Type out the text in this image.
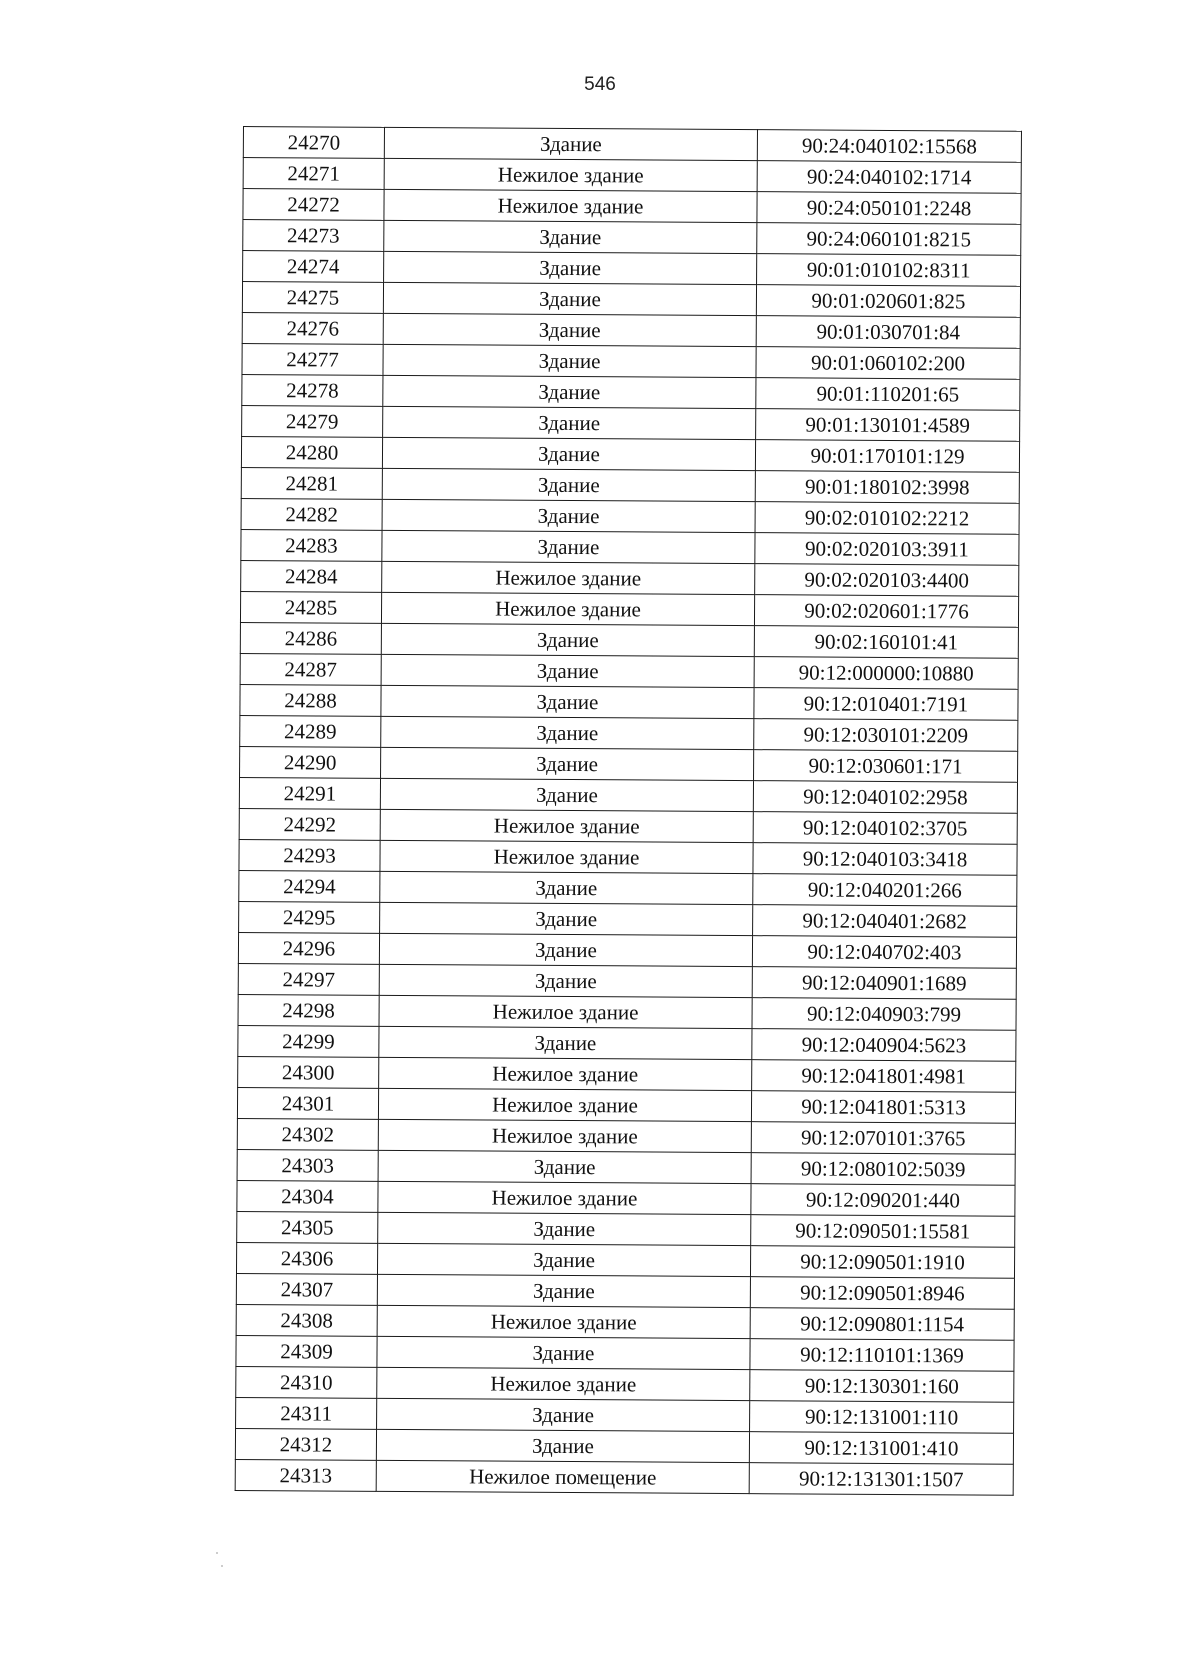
546
24270	Здание	90:24:040102:15568
24271	Нежилое здание	90:24:040102:1714
24272	Нежилое здание	90:24:050101:2248
24273	Здание	90:24:060101:8215
24274	Здание	90:01:010102:8311
24275	Здание	90:01:020601:825
24276	Здание	90:01:030701:84
24277	Здание	90:01:060102:200
24278	Здание	90:01:110201:65
24279	Здание	90:01:130101:4589
24280	Здание	90:01:170101:129
24281	Здание	90:01:180102:3998
24282	Здание	90:02:010102:2212
24283	Здание	90:02:020103:3911
24284	Нежилое здание	90:02:020103:4400
24285	Нежилое здание	90:02:020601:1776
24286	Здание	90:02:160101:41
24287	Здание	90:12:000000:10880
24288	Здание	90:12:010401:7191
24289	Здание	90:12:030101:2209
24290	Здание	90:12:030601:171
24291	Здание	90:12:040102:2958
24292	Нежилое здание	90:12:040102:3705
24293	Нежилое здание	90:12:040103:3418
24294	Здание	90:12:040201:266
24295	Здание	90:12:040401:2682
24296	Здание	90:12:040702:403
24297	Здание	90:12:040901:1689
24298	Нежилое здание	90:12:040903:799
24299	Здание	90:12:040904:5623
24300	Нежилое здание	90:12:041801:4981
24301	Нежилое здание	90:12:041801:5313
24302	Нежилое здание	90:12:070101:3765
24303	Здание	90:12:080102:5039
24304	Нежилое здание	90:12:090201:440
24305	Здание	90:12:090501:15581
24306	Здание	90:12:090501:1910
24307	Здание	90:12:090501:8946
24308	Нежилое здание	90:12:090801:1154
24309	Здание	90:12:110101:1369
24310	Нежилое здание	90:12:130301:160
24311	Здание	90:12:131001:110
24312	Здание	90:12:131001:410
24313	Нежилое помещение	90:12:131301:1507
